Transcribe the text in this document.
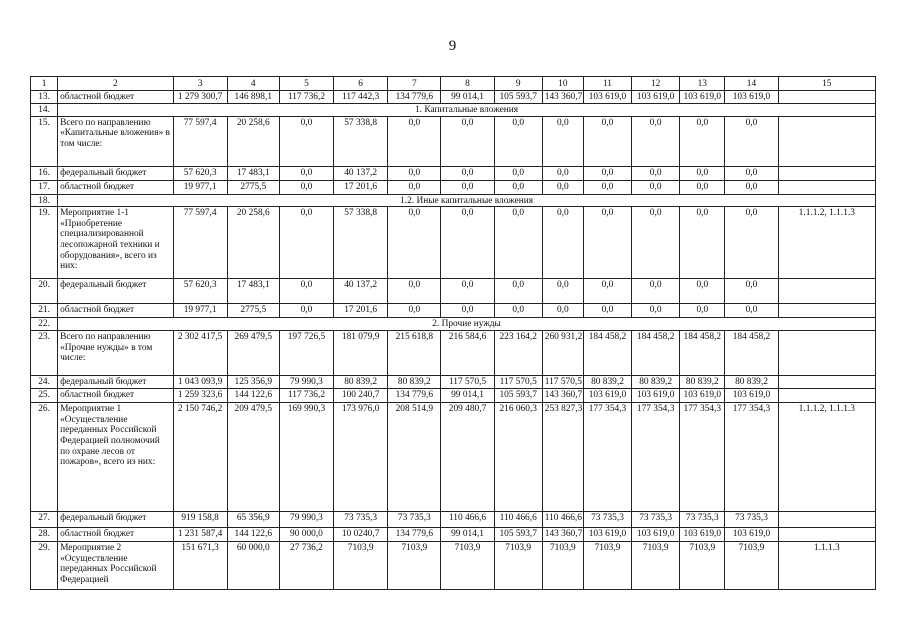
9
1	2	3	4	5	6	7	8	9	10	11	12	13	14	15
13.	областной бюджет	1 279 300,7	146 898,1	117 736,2	117 442,3	134 779,6	99 014,1	105 593,7	143 360,7	103 619,0	103 619,0	103 619,0	103 619,0	
14.	1. Капитальные вложения													
15.	Всего по направлению «Капитальные вложения» в том числе:	77 597,4	20 258,6	0,0	57 338,8	0,0	0,0	0,0	0,0	0,0	0,0	0,0	0,0	
16.	федеральный бюджет	57 620,3	17 483,1	0,0	40 137,2	0,0	0,0	0,0	0,0	0,0	0,0	0,0	0,0	
17.	областной бюджет	19 977,1	2775,5	0,0	17 201,6	0,0	0,0	0,0	0,0	0,0	0,0	0,0	0,0	
18.	1.2. Иные капитальные вложения													
19.	Мероприятие 1-1 «Приобретение специализированной лесопожарной техники и оборудования», всего из них:	77 597,4	20 258,6	0,0	57 338,8	0,0	0,0	0,0	0,0	0,0	0,0	0,0	0,0	1.1.1.2, 1.1.1.3
20.	федеральный бюджет	57 620,3	17 483,1	0,0	40 137,2	0,0	0,0	0,0	0,0	0,0	0,0	0,0	0,0	
21.	областной бюджет	19 977,1	2775,5	0,0	17 201,6	0,0	0,0	0,0	0,0	0,0	0,0	0,0	0,0	
22.	2. Прочие нужды													
23.	Всего по направлению «Прочие нужды» в том числе:	2 302 417,5	269 479,5	197 726,5	181 079,9	215 618,8	216 584,6	223 164,2	260 931,2	184 458,2	184 458,2	184 458,2	184 458,2	
24.	федеральный бюджет	1 043 093,9	125 356,9	79 990,3	80 839,2	80 839,2	117 570,5	117 570,5	117 570,5	80 839,2	80 839,2	80 839,2	80 839,2	
25.	областной бюджет	1 259 323,6	144 122,6	117 736,2	100 240,7	134 779,6	99 014,1	105 593,7	143 360,7	103 619,0	103 619,0	103 619,0	103 619,0	
26.	Мероприятие 1 «Осуществление переданных Российской Федерацией полномочий по охране лесов от пожаров», всего из них:	2 150 746,2	209 479,5	169 990,3	173 976,0	208 514,9	209 480,7	216 060,3	253 827,3	177 354,3	177 354,3	177 354,3	177 354,3	1.1.1.2, 1.1.1.3
27.	федеральный бюджет	919 158,8	65 356,9	79 990,3	73 735,3	73 735,3	110 466,6	110 466,6	110 466,6	73 735,3	73 735,3	73 735,3	73 735,3	
28.	областной бюджет	1 231 587,4	144 122,6	90 000,0	10 0240,7	134 779,6	99 014,1	105 593,7	143 360,7	103 619,0	103 619,0	103 619,0	103 619,0	
29.	Мероприятие 2 «Осуществление переданных Российской Федерацией	151 671,3	60 000,0	27 736,2	7103,9	7103,9	7103,9	7103,9	7103,9	7103,9	7103,9	7103,9	7103,9	1.1.1.3
